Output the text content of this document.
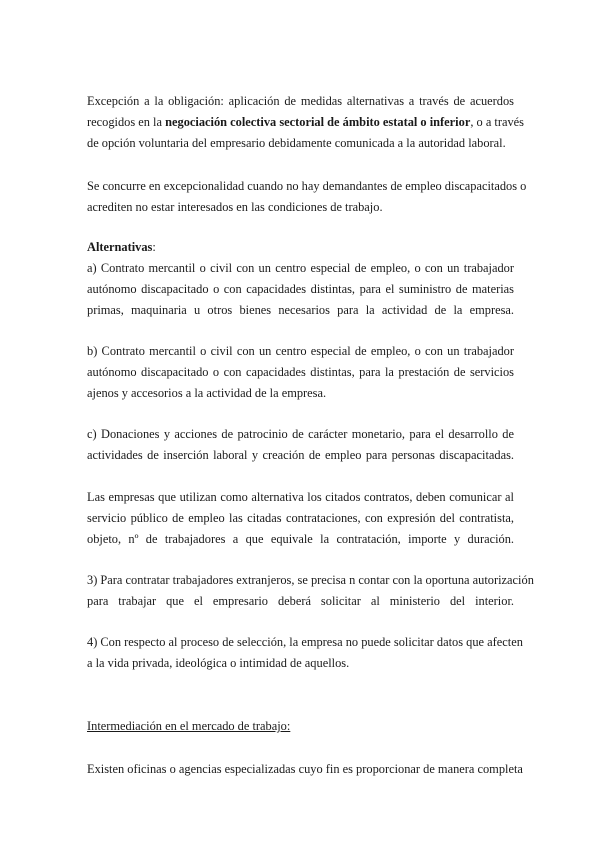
Excepción a la obligación: aplicación de medidas alternativas a través de acuerdos
recogidos en la negociación colectiva sectorial de ámbito estatal o inferior, o a través
de opción voluntaria del empresario debidamente comunicada a la autoridad laboral.
Se concurre en excepcionalidad cuando no hay demandantes de empleo discapacitados o
acrediten no estar interesados en las condiciones de trabajo.
Alternativas:
a) Contrato mercantil o civil con un centro especial de empleo, o con un trabajador
autónomo discapacitado o con capacidades distintas, para el suministro de materias
primas, maquinaria u otros bienes necesarios para la actividad de la empresa.
b) Contrato mercantil o civil con un centro especial de empleo, o con un trabajador
autónomo discapacitado o con capacidades distintas, para la prestación de servicios
ajenos y accesorios a la actividad de la empresa.
c) Donaciones y acciones de patrocinio de carácter monetario, para el desarrollo de
actividades de inserción laboral y creación de empleo para personas discapacitadas.
Las empresas que utilizan como alternativa los citados contratos, deben comunicar al
servicio público de empleo las citadas contrataciones, con expresión del contratista,
objeto, nº de trabajadores a que equivale la contratación, importe y duración.
3) Para contratar trabajadores extranjeros, se precisa n contar con la oportuna autorización
para trabajar que el empresario deberá solicitar al ministerio del interior.
4) Con respecto al proceso de selección, la empresa no puede solicitar datos que afecten
a la vida privada, ideológica o intimidad de aquellos.
Intermediación en el mercado de trabajo:
Existen oficinas o agencias especializadas cuyo fin es proporcionar de manera completa
